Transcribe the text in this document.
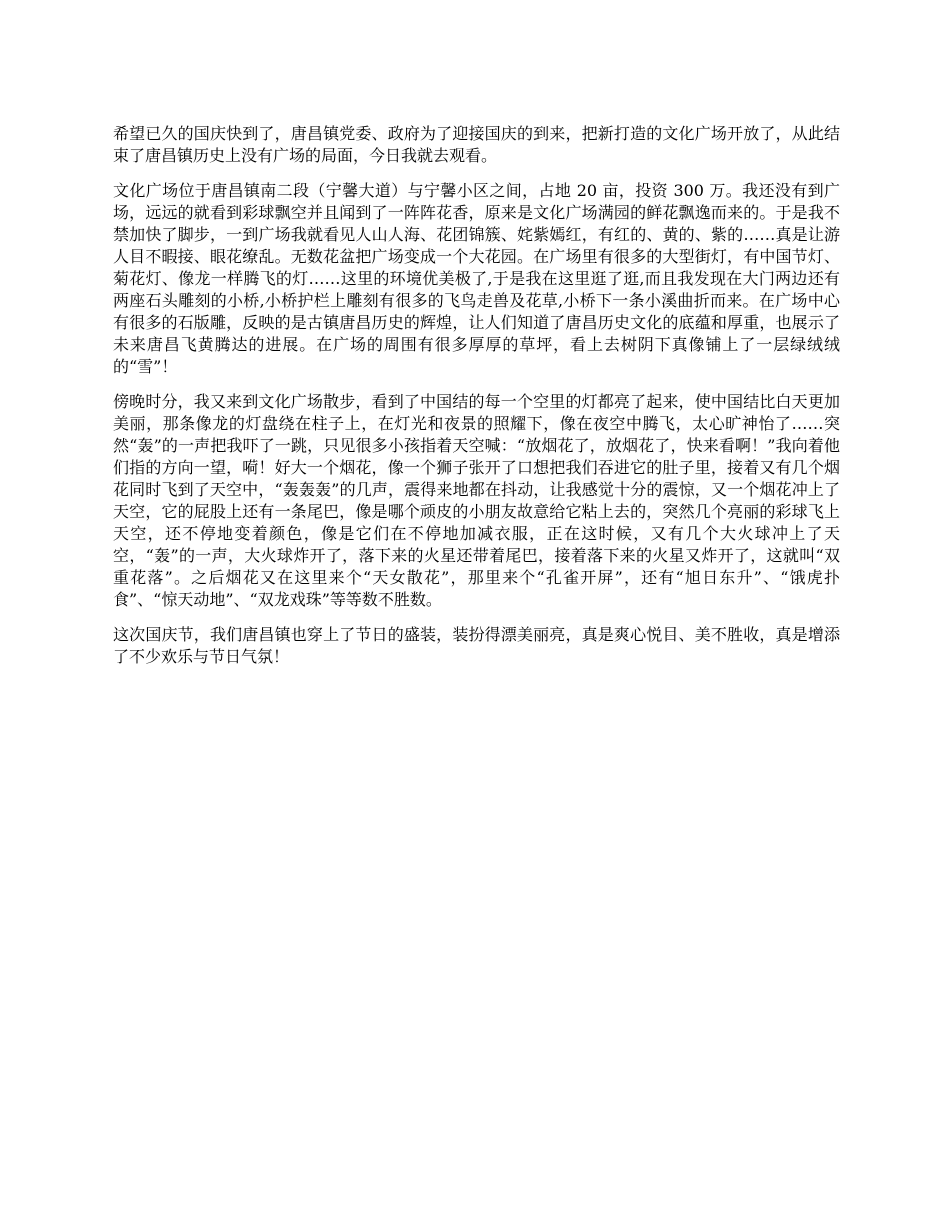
希望已久的国庆快到了，唐昌镇党委、政府为了迎接国庆的到来，把新打造的文化广场开放了，从此结束了唐昌镇历史上没有广场的局面，今日我就去观看。

文化广场位于唐昌镇南二段（宁馨大道）与宁馨小区之间，占地 20 亩，投资 300 万。我还没有到广场，远远的就看到彩球飘空并且闻到了一阵阵花香，原来是文化广场满园的鲜花飘逸而来的。于是我不禁加快了脚步，一到广场我就看见人山人海、花团锦簇、姹紫嫣红，有红的、黄的、紫的……真是让游人目不暇接、眼花缭乱。无数花盆把广场变成一个大花园。在广场里有很多的大型街灯，有中国节灯、菊花灯、像龙一样腾飞的灯……这里的环境优美极了,于是我在这里逛了逛,而且我发现在大门两边还有两座石头雕刻的小桥,小桥护栏上雕刻有很多的飞鸟走兽及花草,小桥下一条小溪曲折而来。在广场中心有很多的石版雕，反映的是古镇唐昌历史的辉煌，让人们知道了唐昌历史文化的底蕴和厚重，也展示了未来唐昌飞黄腾达的进展。在广场的周围有很多厚厚的草坪，看上去树阴下真像铺上了一层绿绒绒的“雪”！

傍晚时分，我又来到文化广场散步，看到了中国结的每一个空里的灯都亮了起来，使中国结比白天更加美丽，那条像龙的灯盘绕在柱子上，在灯光和夜景的照耀下，像在夜空中腾飞，太心旷神怡了……突然“轰”的一声把我吓了一跳，只见很多小孩指着天空喊：“放烟花了，放烟花了，快来看啊！”我向着他们指的方向一望，嗬！好大一个烟花，像一个狮子张开了口想把我们吞进它的肚子里，接着又有几个烟花同时飞到了天空中，“轰轰轰”的几声，震得来地都在抖动，让我感觉十分的震惊，又一个烟花冲上了天空，它的屁股上还有一条尾巴，像是哪个顽皮的小朋友故意给它粘上去的，突然几个亮丽的彩球飞上天空，还不停地变着颜色，像是它们在不停地加减衣服，正在这时候，又有几个大火球冲上了天空，“轰”的一声，大火球炸开了，落下来的火星还带着尾巴，接着落下来的火星又炸开了，这就叫“双重花落”。之后烟花又在这里来个“天女散花”，那里来个“孔雀开屏”，还有“旭日东升”、“饿虎扑食”、“惊天动地”、“双龙戏珠”等等数不胜数。

这次国庆节，我们唐昌镇也穿上了节日的盛装，装扮得漂美丽亮，真是爽心悦目、美不胜收，真是增添了不少欢乐与节日气氛！
